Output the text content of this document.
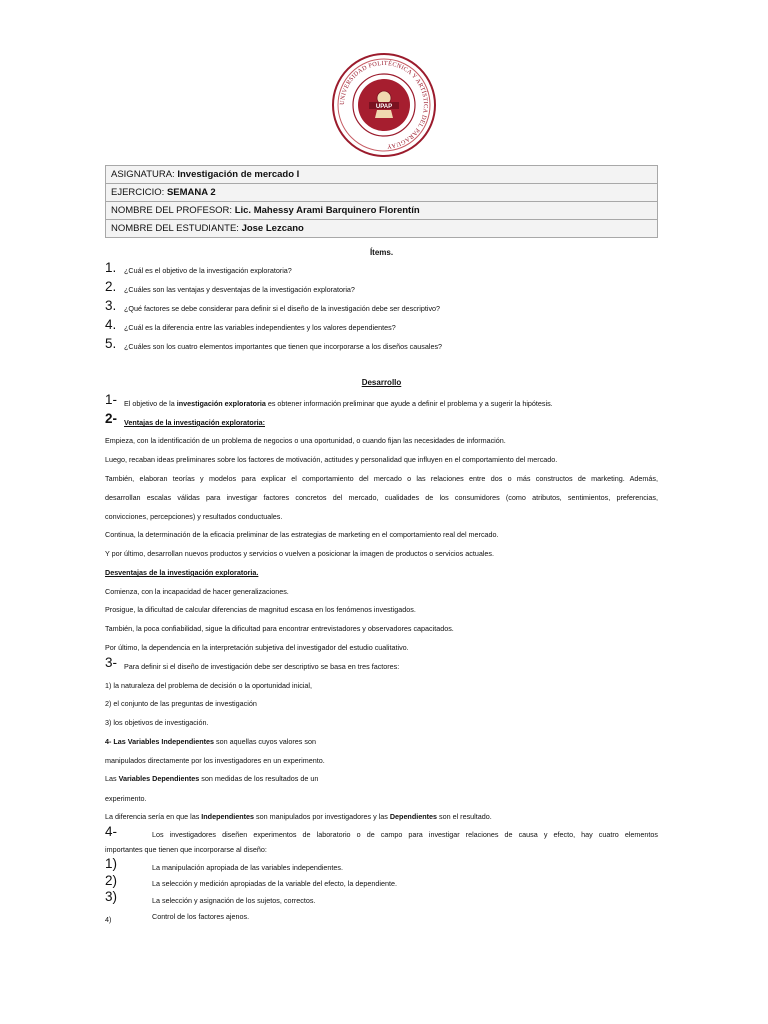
UNIVERSIDAD POLITÉCNICA Y ARTÍSTICA DEL PARAGUAY
UPAP
ASIGNATURA: Investigación de mercado I
EJERCICIO: SEMANA 2
NOMBRE DEL PROFESOR: Lic. Mahessy Arami Barquinero Florentín
NOMBRE DEL ESTUDIANTE: Jose Lezcano
Ítems.
1. ¿Cuál es el objetivo de la investigación exploratoria?
2. ¿Cuáles son las ventajas y desventajas de la investigación exploratoria?
3. ¿Qué factores se debe considerar para definir si el diseño de la investigación debe ser descriptivo?
4. ¿Cuál es la diferencia entre las variables independientes y los valores dependientes?
5. ¿Cuáles son los cuatro elementos importantes que tienen que incorporarse a los diseños causales?
Desarrollo
1- El objetivo de la investigación exploratoria es obtener información preliminar que ayude a definir el problema y a sugerir la hipótesis.
2- Ventajas de la investigación exploratoria:
Empieza, con la identificación de un problema de negocios o una oportunidad, o cuando fijan las necesidades de información.
Luego, recaban ideas preliminares sobre los factores de motivación, actitudes y personalidad que influyen en el comportamiento del mercado.
También, elaboran teorías y modelos para explicar el comportamiento del mercado o las relaciones entre dos o más constructos de marketing. Además,
desarrollan escalas válidas para investigar factores concretos del mercado, cualidades de los consumidores (como atributos, sentimientos, preferencias,
convicciones, percepciones) y resultados conductuales.
Continua, la determinación de la eficacia preliminar de las estrategias de marketing en el comportamiento real del mercado.
Y por último, desarrollan nuevos productos y servicios o vuelven a posicionar la imagen de productos o servicios actuales.
Desventajas de la investigación exploratoria.
Comienza, con la incapacidad de hacer generalizaciones.
Prosigue, la dificultad de calcular diferencias de magnitud escasa en los fenómenos investigados.
También, la poca confiabilidad, sigue la dificultad para encontrar entrevistadores y observadores capacitados.
Por último, la dependencia en la interpretación subjetiva del investigador del estudio cualitativo.
3- Para definir si el diseño de investigación debe ser descriptivo se basa en tres factores:
1) la naturaleza del problema de decisión o la oportunidad inicial,
2) el conjunto de las preguntas de investigación
3) los objetivos de investigación.
4- Las Variables Independientes son aquellas cuyos valores son
manipulados directamente por los investigadores en un experimento.
Las Variables Dependientes son medidas de los resultados de un
experimento.
La diferencia sería en que las Independientes son manipulados por investigadores y las Dependientes son el resultado.
4-	Los investigadores diseñen experimentos de laboratorio o de campo para investigar relaciones de causa y efecto, hay cuatro elementos
importantes que tienen que incorporarse al diseño:
1)	La manipulación apropiada de las variables independientes.
2)	La selección y medición apropiadas de la variable del efecto, la dependiente.
3)	La selección y asignación de los sujetos, correctos.
4)	Control de los factores ajenos.
